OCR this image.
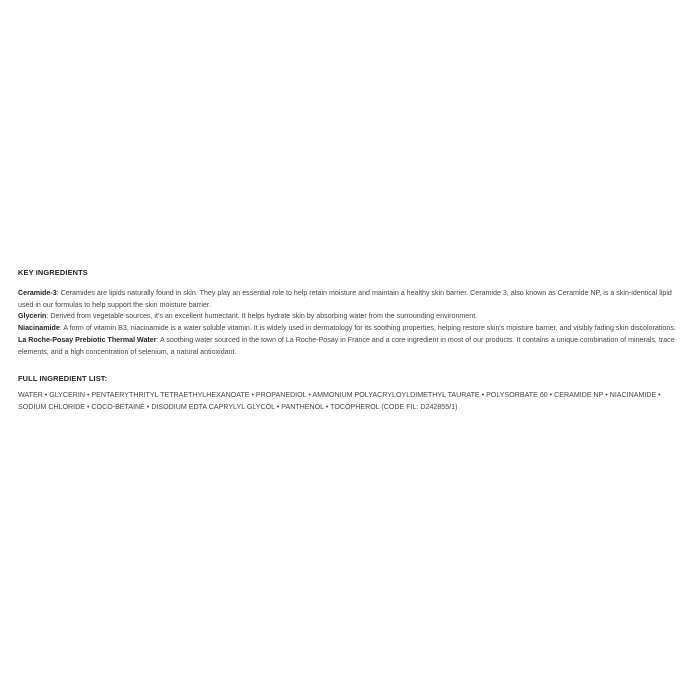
KEY INGREDIENTS

Ceramide-3: Ceramides are lipids naturally found in skin. They play an essential role to help retain moisture and maintain a healthy skin barrier. Ceramide 3, also known as Ceramide NP, is a skin-identical lipid used in our formulas to help support the skin moisture barrier.

Glycerin: Derived from vegetable sources, it's an excellent humectant. It helps hydrate skin by absorbing water from the surrounding environment.

Niacinamide: A form of vitamin B3, niacinamide is a water soluble vitamin. It is widely used in dermatology for its soothing properties, helping restore skin's moisture barrier, and visibly fading skin discolorations.

La Roche-Posay Prebiotic Thermal Water: A soothing water sourced in the town of La Roche-Posay in France and a core ingredient in most of our products. It contains a unique combination of minerals, trace elements, and a high concentration of selenium, a natural antioxidant.

FULL INGREDIENT LIST:

WATER • GLYCERIN • PENTAERYTHRITYL TETRAETHYLHEXANOATE • PROPANEDIOL • AMMONIUM POLYACRYLOYLDIMETHYL TAURATE • POLYSORBATE 60 • CERAMIDE NP • NIACINAMIDE • SODIUM CHLORIDE • COCO-BETAINE • DISODIUM EDTA CAPRYLYL GLYCOL • PANTHENOL • TOCOPHEROL (CODE FIL: D242855/1)
